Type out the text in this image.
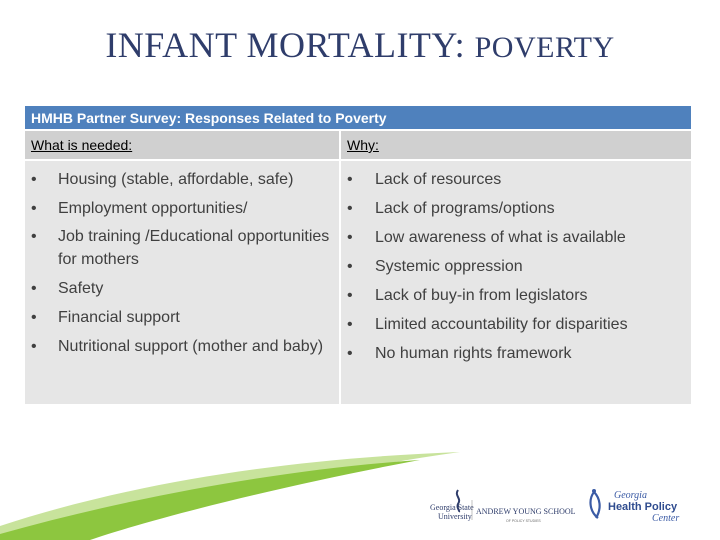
INFANT MORTALITY: POVERTY
HMHB Partner Survey: Responses Related to Poverty
What is needed:	Why:
• Housing (stable, affordable, safe)
• Employment opportunities/
• Job training /Educational opportunities for mothers
• Safety
• Financial support
• Nutritional support (mother and baby)
• Lack of resources
• Lack of programs/options
• Low awareness of what is available
• Systemic oppression
• Lack of buy-in from legislators
• Limited accountability for disparities
• No human rights framework
Georgia State
University
ANDREW YOUNG SCHOOL
OF POLICY STUDIES
Georgia
Health Policy
Center
